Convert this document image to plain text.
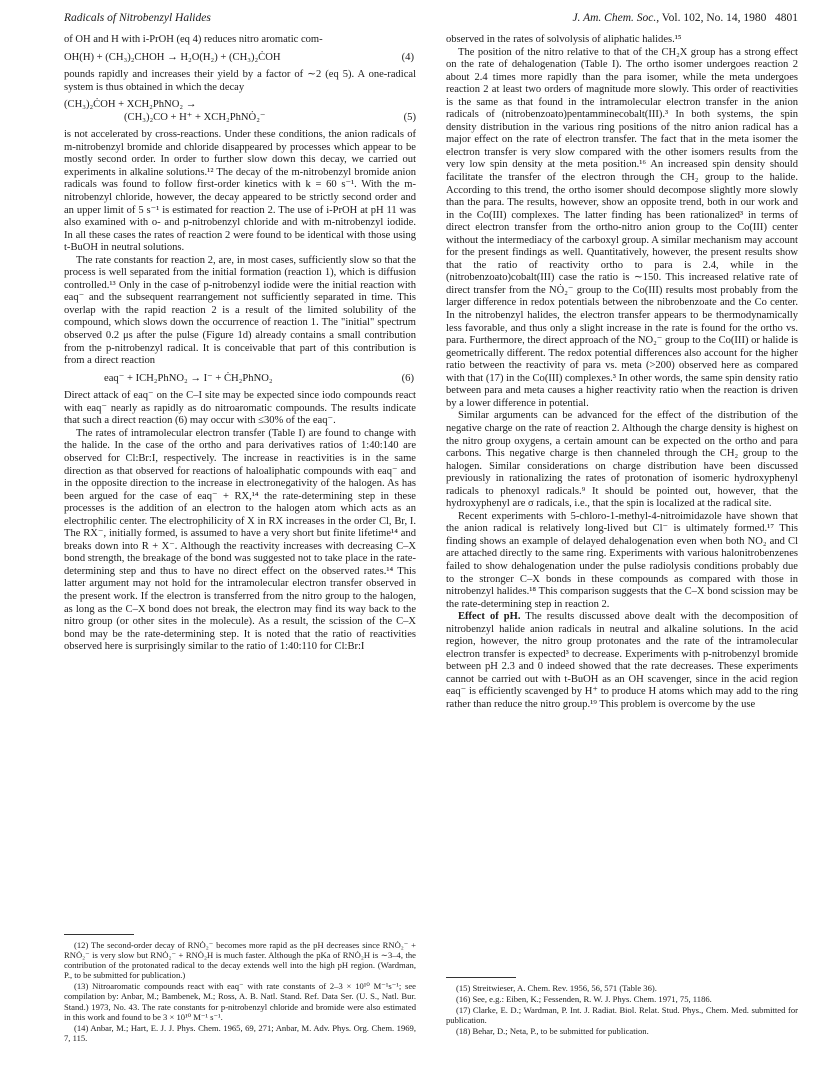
Radicals of Nitrobenzyl Halides	J. Am. Chem. Soc., Vol. 102, No. 14, 1980 4801

of OH and H with i-PrOH (eq 4) reduces nitro aromatic com-

OH(H) + (CH₃)₂CHOH → H₂O(H₂) + (CH₃)₂ĊOH	(4)

pounds rapidly and increases their yield by a factor of ∼2 (eq 5). A one-radical system is thus obtained in which the decay

(CH₃)₂ĊOH + XCH₂PhNO₂ →
(CH₃)₂CO + H⁺ + XCH₂PhNȮ₂⁻	(5)

is not accelerated by cross-reactions. Under these conditions, the anion radicals of m-nitrobenzyl bromide and chloride disappeared by processes which appear to be mostly second order. In order to further slow down this decay, we carried out experiments in alkaline solutions.¹² The decay of the m-nitrobenzyl bromide anion radicals was found to follow first-order kinetics with k = 60 s⁻¹. With the m-nitrobenzyl chloride, however, the decay appeared to be strictly second order and an upper limit of 5 s⁻¹ is estimated for reaction 2. The use of i-PrOH at pH 11 was also examined with o- and p-nitrobenzyl chloride and with m-nitrobenzyl iodide. In all these cases the rates of reaction 2 were found to be identical with those using t-BuOH in neutral solutions.

The rate constants for reaction 2, are, in most cases, sufficiently slow so that the process is well separated from the initial formation (reaction 1), which is diffusion controlled.¹³ Only in the case of p-nitrobenzyl iodide were the initial reaction with eaq⁻ and the subsequent rearrangement not sufficiently separated in time. This overlap with the rapid reaction 2 is a result of the limited solubility of the compound, which slows down the occurrence of reaction 1. The "initial" spectrum observed 0.2 μs after the pulse (Figure 1d) already contains a small contribution from the p-nitrobenzyl radical. It is conceivable that part of this contribution is from a direct reaction

eaq⁻ + ICH₂PhNO₂ → I⁻ + ĊH₂PhNO₂	(6)

Direct attack of eaq⁻ on the C–I site may be expected since iodo compounds react with eaq⁻ nearly as rapidly as do nitroaromatic compounds. The results indicate that such a direct reaction (6) may occur with ≤30% of the eaq⁻.

The rates of intramolecular electron transfer (Table I) are found to change with the halide. In the case of the ortho and para derivatives ratios of 1:40:140 are observed for Cl:Br:I, respectively. The increase in reactivities is in the same direction as that observed for reactions of haloaliphatic compounds with eaq⁻ and in the opposite direction to the increase in electronegativity of the halogen. As has been argued for the case of eaq⁻ + RX,¹⁴ the rate-determining step in these processes is the addition of an electron to the halogen atom which acts as an electrophilic center. The electrophilicity of X in RX increases in the order Cl, Br, I. The RX⁻, initially formed, is assumed to have a very short but finite lifetime¹⁴ and breaks down into R + X⁻. Although the reactivity increases with decreasing C–X bond strength, the breakage of the bond was suggested not to take place in the rate-determining step and thus to have no direct effect on the observed rates.¹⁴ This latter argument may not hold for the intramolecular electron transfer observed in the present work. If the electron is transferred from the nitro group to the halogen, as long as the C–X bond does not break, the electron may find its way back to the nitro group (or other sites in the molecule). As a result, the scission of the C–X bond may be the rate-determining step. It is noted that the ratio of reactivities observed here is surprisingly similar to the ratio of 1:40:110 for Cl:Br:I

(12) The second-order decay of RNȮ₂⁻ becomes more rapid as the pH decreases since RNȮ₂⁻ + RNȮ₂⁻ is very slow but RNȮ₂⁻ + RNȮ₂H is much faster. Although the pKa of RNȮ₂H is ∼3–4, the contribution of the protonated radical to the decay extends well into the high pH region. (Wardman, P., to be submitted for publication.)

(13) Nitroaromatic compounds react with eaq⁻ with rate constants of 2–3 × 10¹⁰ M⁻¹s⁻¹; see compilation by: Anbar, M.; Bambenek, M.; Ross, A. B. Natl. Stand. Ref. Data Ser. (U. S., Natl. Bur. Stand.) 1973, No. 43. The rate constants for p-nitrobenzyl chloride and bromide were also estimated in this work and found to be 3 × 10¹⁰ M⁻¹ s⁻¹.

(14) Anbar, M.; Hart, E. J. J. Phys. Chem. 1965, 69, 271; Anbar, M. Adv. Phys. Org. Chem. 1969, 7, 115.

observed in the rates of solvolysis of aliphatic halides.¹⁵

The position of the nitro relative to that of the CH₂X group has a strong effect on the rate of dehalogenation (Table I). The ortho isomer undergoes reaction 2 about 2.4 times more rapidly than the para isomer, while the meta undergoes reaction 2 at least two orders of magnitude more slowly. This order of reactivities is the same as that found in the intramolecular electron transfer in the anion radicals of (nitrobenzoato)pentamminecobalt(III).³ In both systems, the spin density distribution in the various ring positions of the nitro anion radical has a major effect on the rate of electron transfer. The fact that in the meta isomer the electron transfer is very slow compared with the other isomers results from the very low spin density at the meta position.¹⁶ An increased spin density should facilitate the transfer of the electron through the CH₂ group to the halide. According to this trend, the ortho isomer should decompose slightly more slowly than the para. The results, however, show an opposite trend, both in our work and in the Co(III) complexes. The latter finding has been rationalized³ in terms of direct electron transfer from the ortho-nitro anion group to the Co(III) center without the intermediacy of the carboxyl group. A similar mechanism may account for the present findings as well. Quantitatively, however, the present results show that the ratio of reactivity ortho to para is 2.4, while in the (nitrobenzoato)cobalt(III) case the ratio is ∼150. This increased relative rate of direct transfer from the NȮ₂⁻ group to the Co(III) results most probably from the larger difference in redox potentials between the nibrobenzoate and the Co center. In the nitrobenzyl halides, the electron transfer appears to be thermodynamically less favorable, and thus only a slight increase in the rate is found for the ortho vs. para. Furthermore, the direct approach of the NO₂⁻ group to the Co(III) or halide is geometrically different. The redox potential differences also account for the higher ratio between the reactivity of para vs. meta (>200) observed here as compared with that (17) in the Co(III) complexes.³ In other words, the same spin density ratio between para and meta causes a higher reactivity ratio when the reaction is driven by a lower difference in potential.

Similar arguments can be advanced for the effect of the distribution of the negative charge on the rate of reaction 2. Although the charge density is highest on the nitro group oxygens, a certain amount can be expected on the ortho and para carbons. This negative charge is then channeled through the CH₂ group to the halogen. Similar considerations on charge distribution have been discussed previously in rationalizing the rates of protonation of isomeric hydroxyphenyl radicals to phenoxyl radicals.⁹ It should be pointed out, however, that the hydroxyphenyl are σ radicals, i.e., that the spin is localized at the radical site.

Recent experiments with 5-chloro-1-methyl-4-nitroimidazole have shown that the anion radical is relatively long-lived but Cl⁻ is ultimately formed.¹⁷ This finding shows an example of delayed dehalogenation even when both NO₂ and Cl are attached directly to the same ring. Experiments with various halonitrobenzenes failed to show dehalogenation under the pulse radiolysis conditions probably due to the stronger C–X bonds in these compounds as compared with those in nitrobenzyl halides.¹⁸ This comparison suggests that the C–X bond scission may be the rate-determining step in reaction 2.

Effect of pH. The results discussed above dealt with the decomposition of nitrobenzyl halide anion radicals in neutral and alkaline solutions. In the acid region, however, the nitro group protonates and the rate of the intramolecular electron transfer is expected³ to decrease. Experiments with p-nitrobenzyl bromide between pH 2.3 and 0 indeed showed that the rate decreases. These experiments cannot be carried out with t-BuOH as an OH scavenger, since in the acid region eaq⁻ is efficiently scavenged by H⁺ to produce H atoms which may add to the ring rather than reduce the nitro group.¹⁹ This problem is overcome by the use

(15) Streitwieser, A. Chem. Rev. 1956, 56, 571 (Table 36).

(16) See, e.g.: Eiben, K.; Fessenden, R. W. J. Phys. Chem. 1971, 75, 1186.

(17) Clarke, E. D.; Wardman, P. Int. J. Radiat. Biol. Relat. Stud. Phys., Chem. Med. submitted for publication.

(18) Behar, D.; Neta, P., to be submitted for publication.
